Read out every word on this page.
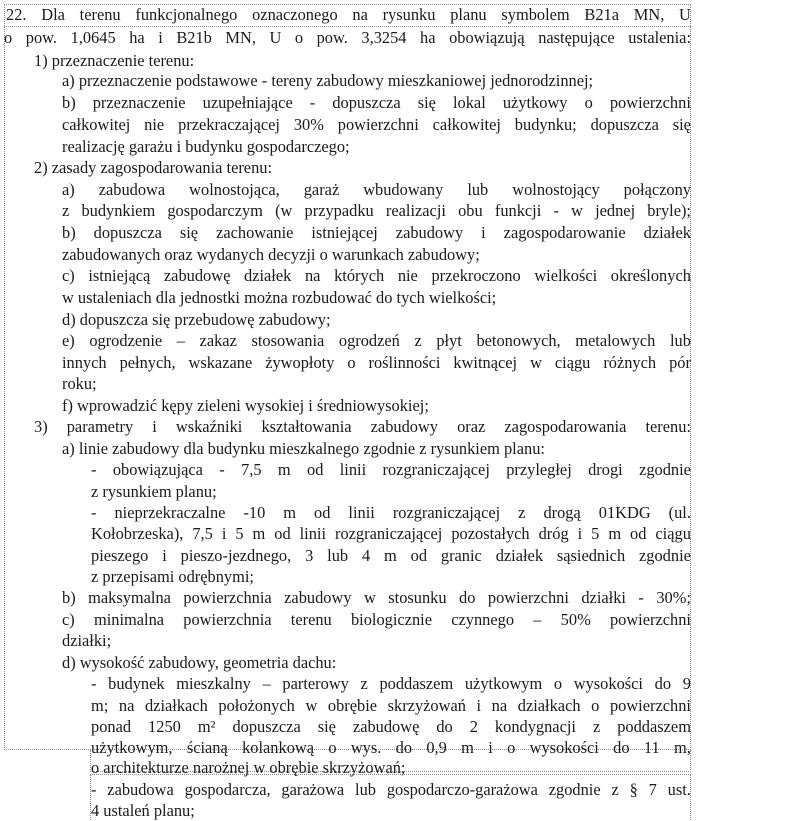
22. Dla terenu funkcjonalnego oznaczonego na rysunku planu symbolem B21a MN, U
o pow. 1,0645 ha i B21b MN, U o pow. 3,3254 ha obowiązują następujące ustalenia:
1) przeznaczenie terenu:
a) przeznaczenie podstawowe - tereny zabudowy mieszkaniowej jednorodzinnej;
b) przeznaczenie uzupełniające - dopuszcza się lokal użytkowy o powierzchni
całkowitej nie przekraczającej 30% powierzchni całkowitej budynku; dopuszcza się
realizację garażu i budynku gospodarczego;
2) zasady zagospodarowania terenu:
a) zabudowa wolnostojąca, garaż wbudowany lub wolnostojący połączony
z budynkiem gospodarczym (w przypadku realizacji obu funkcji - w jednej bryle);
b) dopuszcza się zachowanie istniejącej zabudowy i zagospodarowanie działek
zabudowanych oraz wydanych decyzji o warunkach zabudowy;
c) istniejącą zabudowę działek na których nie przekroczono wielkości określonych
w ustaleniach dla jednostki można rozbudować do tych wielkości;
d) dopuszcza się przebudowę zabudowy;
e) ogrodzenie – zakaz stosowania ogrodzeń z płyt betonowych, metalowych lub
innych pełnych, wskazane żywopłoty o roślinności kwitnącej w ciągu różnych pór
roku;
f) wprowadzić kępy zieleni wysokiej i średniowysokiej;
3) parametry i wskaźniki kształtowania zabudowy oraz zagospodarowania terenu:
a) linie zabudowy dla budynku mieszkalnego zgodnie z rysunkiem planu:
- obowiązująca - 7,5 m od linii rozgraniczającej przyległej drogi zgodnie
z rysunkiem planu;
- nieprzekraczalne -10 m od linii rozgraniczającej z drogą 01KDG (ul.
Kołobrzeska), 7,5 i 5 m od linii rozgraniczającej pozostałych dróg i 5 m od ciągu
pieszego i pieszo-jezdnego, 3 lub 4 m od granic działek sąsiednich zgodnie
z przepisami odrębnymi;
b) maksymalna powierzchnia zabudowy w stosunku do powierzchni działki - 30%;
c) minimalna powierzchnia terenu biologicznie czynnego – 50% powierzchni
działki;
d) wysokość zabudowy, geometria dachu:
- budynek mieszkalny – parterowy z poddaszem użytkowym o wysokości do 9
m; na działkach położonych w obrębie skrzyżowań i na działkach o powierzchni
ponad 1250 m² dopuszcza się zabudowę do 2 kondygnacji z poddaszem
użytkowym, ścianą kolankową o wys. do 0,9 m i o wysokości do 11 m,
o architekturze narożnej w obrębie skrzyżowań;
- zabudowa gospodarcza, garażowa lub gospodarczo-garażowa zgodnie z § 7 ust.
4 ustaleń planu;
